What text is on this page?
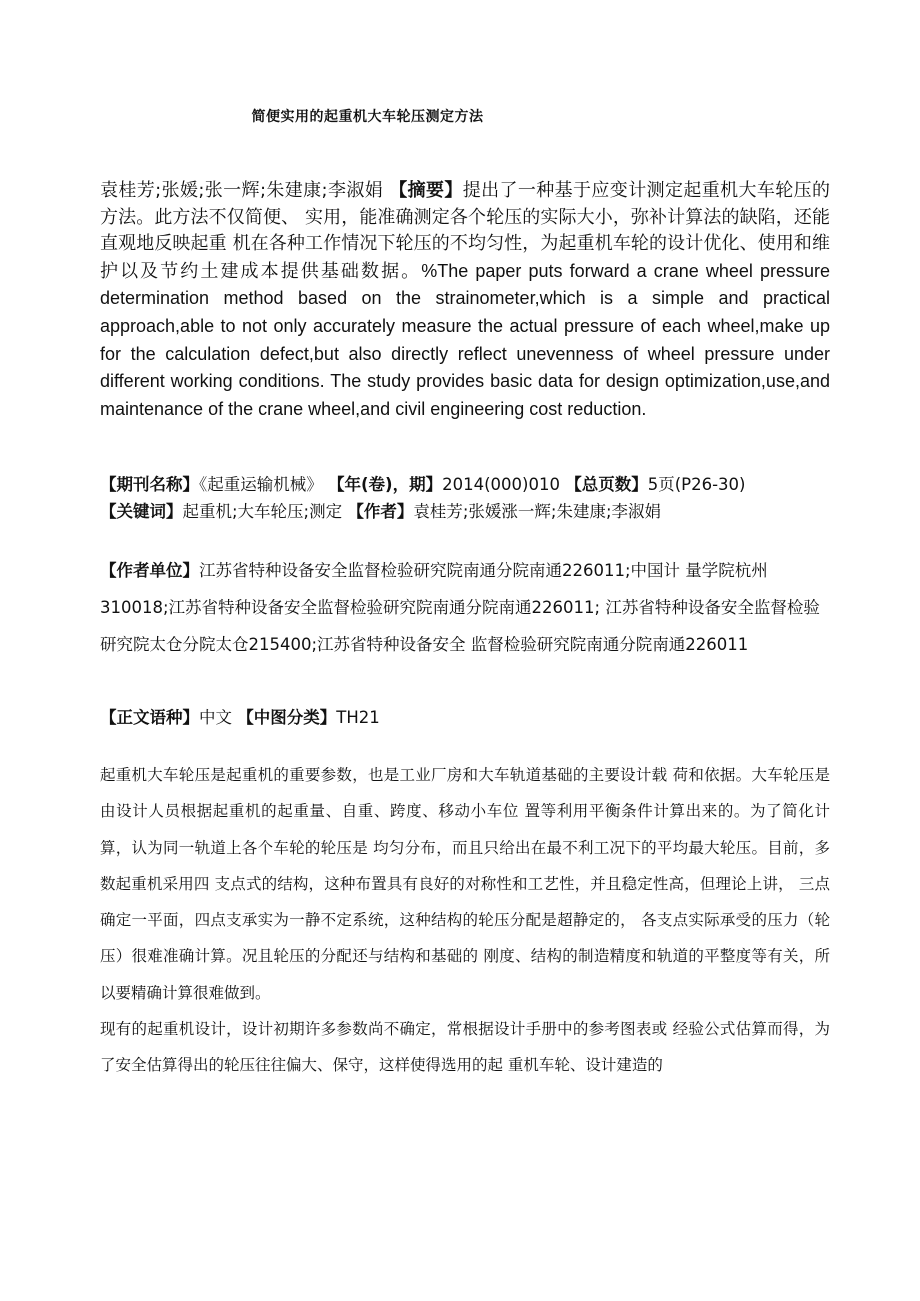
简便实用的起重机大车轮压测定方法
袁桂芳;张媛;张一辉;朱建康;李淑娟 【摘要】提出了一种基于应变计测定起重机大车轮压的方法。此方法不仅简便、 实用，能准确测定各个轮压的实际大小，弥补计算法的缺陷，还能直观地反映起重 机在各种工作情况下轮压的不均匀性，为起重机车轮的设计优化、使用和维护以及节约土建成本提供基础数据。%The paper puts forward a crane wheel pressure determination method based on the strainometer,which is a simple and practical approach,able to not only accurately measure the actual pressure of each wheel,make up for the calculation defect,but also directly reflect unevenness of wheel pressure under different working conditions. The study provides basic data for design optimization,use,and maintenance of the crane wheel,and civil engineering cost reduction.
【期刊名称】《起重运输机械》 【年(卷)，期】2014(000)010 【总页数】5页(P26-30) 【关键词】起重机;大车轮压;测定 【作者】袁桂芳;张媛涨一辉;朱建康;李淑娟
【作者单位】江苏省特种设备安全监督检验研究院南通分院南通226011;中国计 量学院杭州310018;江苏省特种设备安全监督检验研究院南通分院南通226011; 江苏省特种设备安全监督检验研究院太仓分院太仓215400;江苏省特种设备安全 监督检验研究院南通分院南通226011
【正文语种】中文 【中图分类】TH21

起重机大车轮压是起重机的重要参数，也是工业厂房和大车轨道基础的主要设计载 荷和依据。大车轮压是由设计人员根据起重机的起重量、自重、跨度、移动小车位 置等利用平衡条件计算出来的。为了简化计算，认为同一轨道上各个车轮的轮压是 均匀分布，而且只给出在最不利工况下的平均最大轮压。目前，多数起重机采用四 支点式的结构，这种布置具有良好的对称性和工艺性，并且稳定性高，但理论上讲， 三点确定一平面，四点支承实为一静不定系统，这种结构的轮压分配是超静定的， 各支点实际承受的压力（轮压）很难准确计算。况且轮压的分配还与结构和基础的 刚度、结构的制造精度和轨道的平整度等有关，所以要精确计算很难做到。

现有的起重机设计，设计初期许多参数尚不确定，常根据设计手册中的参考图表或 经验公式估算而得，为了安全估算得出的轮压往往偏大、保守，这样使得选用的起 重机车轮、设计建造的
